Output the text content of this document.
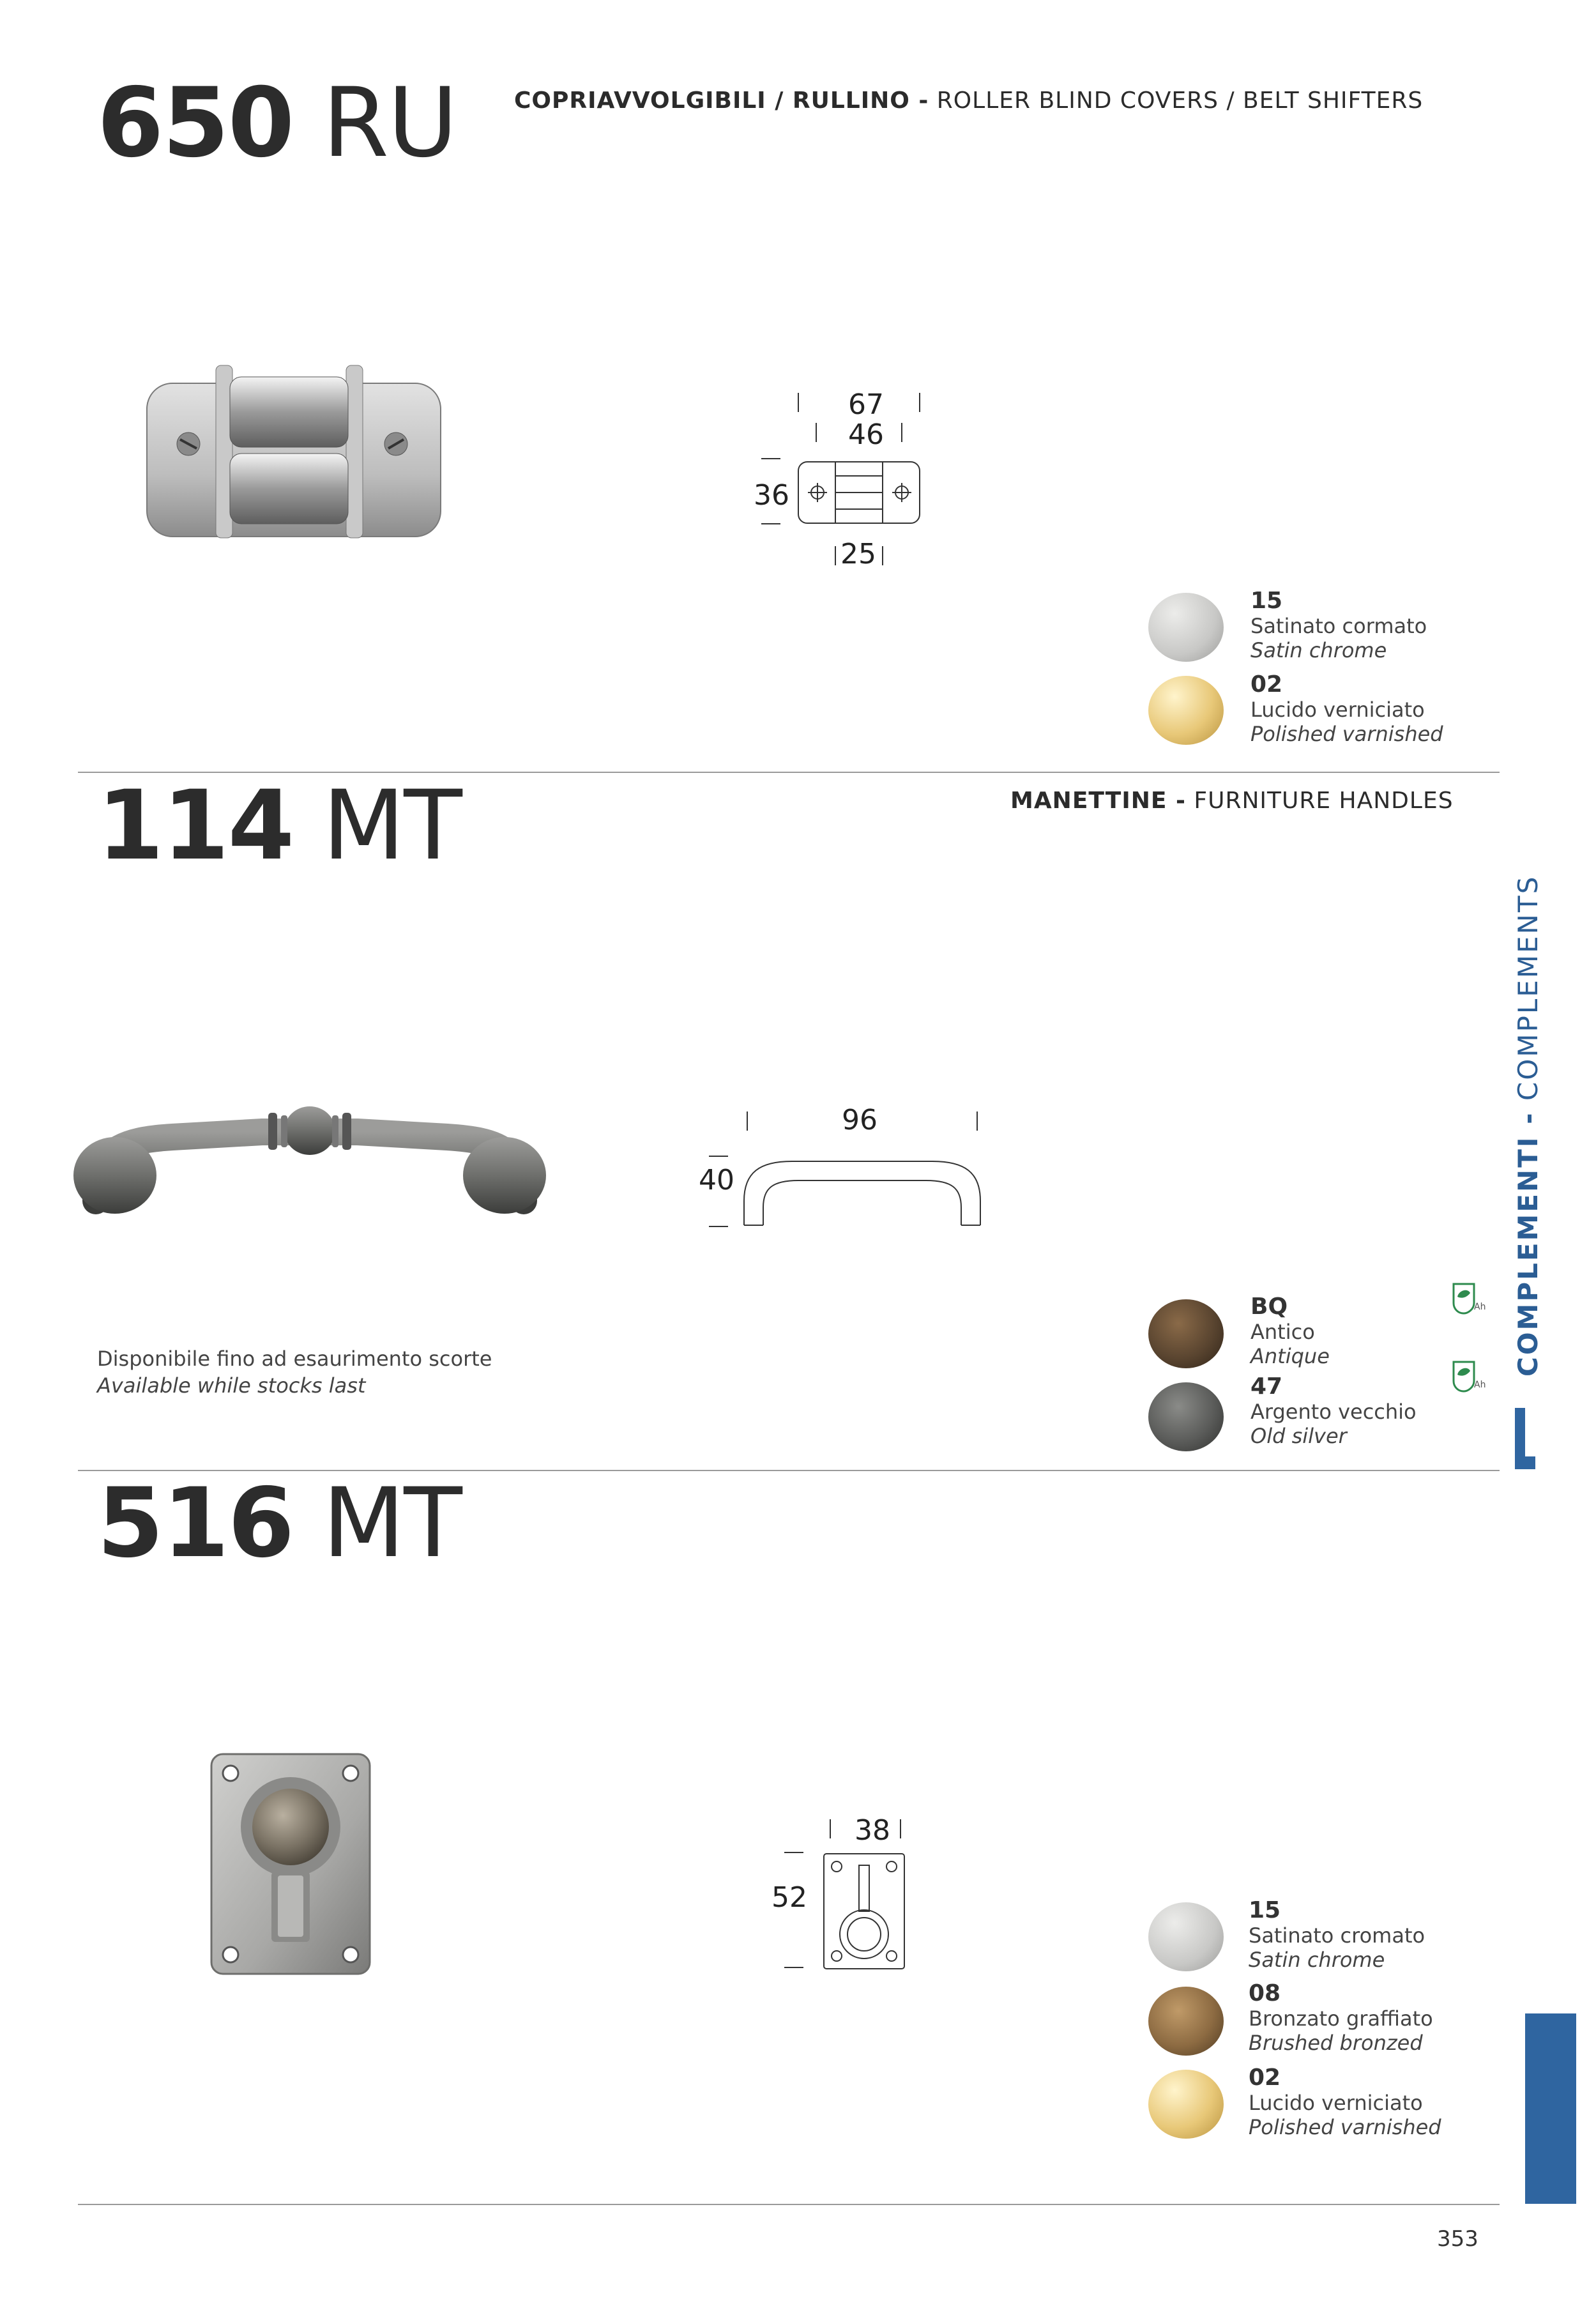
650 RU	COPRIAVVOLGIBILI / RULLINO - ROLLER BLIND COVERS / BELT SHIFTERS
67
46
36
25
15
Satinato cormato
Satin chrome
02
Lucido verniciato
Polished varnished
114 MT	MANETTINE - FURNITURE HANDLES
96
40
Disponibile fino ad esaurimento scorte
Available while stocks last
BQ
Antico
Antique
47
Argento vecchio
Old silver
Ah
Ah
516 MT
38
52	15
Satinato cromato
Satin chrome
08
Bronzato graffiato
Brushed bronzed
02
Lucido verniciato
Polished varnished
COMPLEMENTI - COMPLEMENTS
353
